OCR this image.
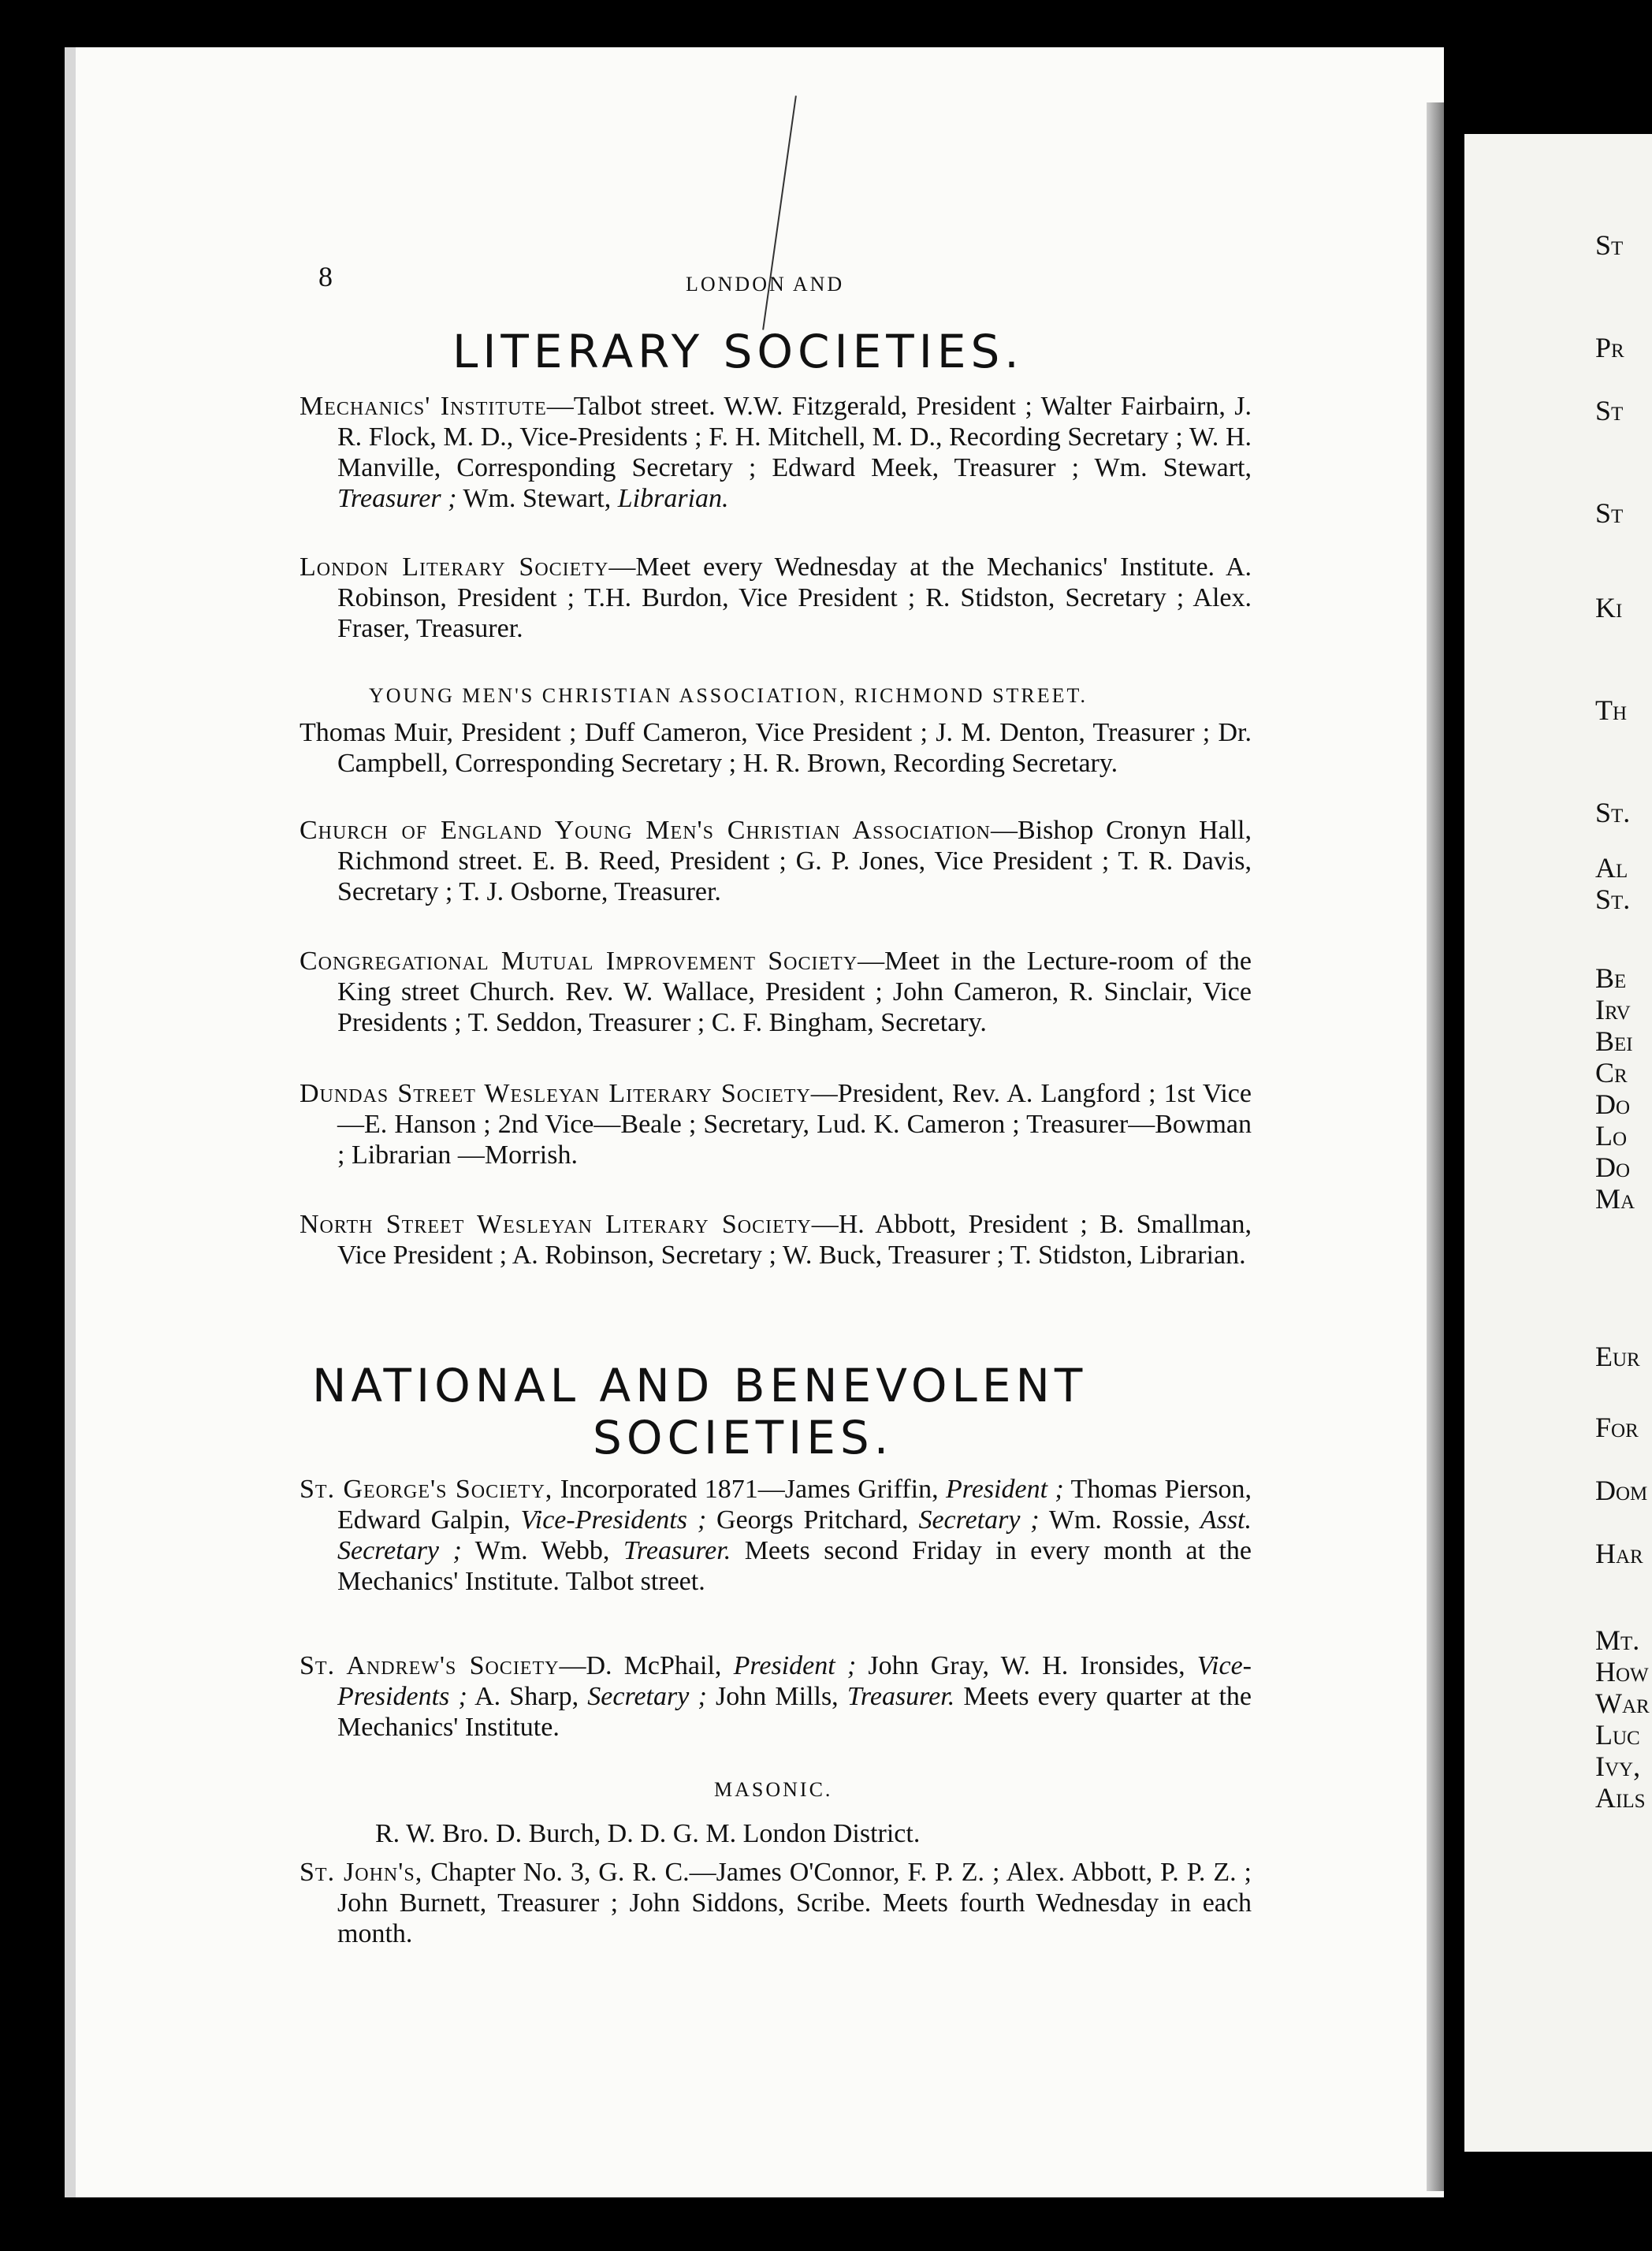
St
Pr
St
St
Ki
Th
St.
Al
St.
Be
Irv
Bei
Cr
Do
Lo
Do
Ma
Eur
For
Dom
Har
Mt.
How
War
Luc
Ivy,
Ails
8	LONDON AND
LITERARY SOCIETIES.
Mechanics' Institute—Talbot street. W.W. Fitzgerald, President ; Walter Fairbairn, J. R. Flock, M. D., Vice-Presidents ; F. H. Mitchell, M. D., Recording Secretary ; W. H. Manville, Corresponding Secretary ; Edward Meek, Treasurer ; Wm. Stewart, Treasurer ; Wm. Stewart, Librarian.
London Literary Society—Meet every Wednesday at the Mechanics' Institute. A. Robinson, President ; T.H. Burdon, Vice President ; R. Stidston, Secretary ; Alex. Fraser, Treasurer.
YOUNG MEN'S CHRISTIAN ASSOCIATION, RICHMOND STREET.
Thomas Muir, President ; Duff Cameron, Vice President ; J. M. Denton, Treasurer ; Dr. Campbell, Corresponding Secretary ; H. R. Brown, Recording Secretary.
Church of England Young Men's Christian Association—Bishop Cronyn Hall, Richmond street. E. B. Reed, President ; G. P. Jones, Vice President ; T. R. Davis, Secretary ; T. J. Osborne, Treasurer.
Congregational Mutual Improvement Society—Meet in the Lecture-room of the King street Church. Rev. W. Wallace, President ; John Cameron, R. Sinclair, Vice Presidents ; T. Seddon, Treasurer ; C. F. Bingham, Secretary.
Dundas Street Wesleyan Literary Society—President, Rev. A. Langford ; 1st Vice—E. Hanson ; 2nd Vice—Beale ; Secretary, Lud. K. Cameron ; Treasurer—Bowman ; Librarian —Morrish.
North Street Wesleyan Literary Society—H. Abbott, President ; B. Smallman, Vice President ; A. Robinson, Secretary ; W. Buck, Treasurer ; T. Stidston, Librarian.
NATIONAL AND BENEVOLENT
SOCIETIES.
St. George's Society, Incorporated 1871—James Griffin, President ; Thomas Pierson, Edward Galpin, Vice-Presidents ; Georgs Pritchard, Secretary ; Wm. Rossie, Asst. Secretary ; Wm. Webb, Treasurer. Meets second Friday in every month at the Mechanics' Institute. Talbot street.
St. Andrew's Society—D. McPhail, President ; John Gray, W. H. Ironsides, Vice-Presidents ; A. Sharp, Secretary ; John Mills, Treasurer. Meets every quarter at the Mechanics' Institute.
MASONIC.
R. W. Bro. D. Burch, D. D. G. M. London District.
St. John's, Chapter No. 3, G. R. C.—James O'Connor, F. P. Z. ; Alex. Abbott, P. P. Z. ; John Burnett, Treasurer ; John Siddons, Scribe. Meets fourth Wednesday in each month.
